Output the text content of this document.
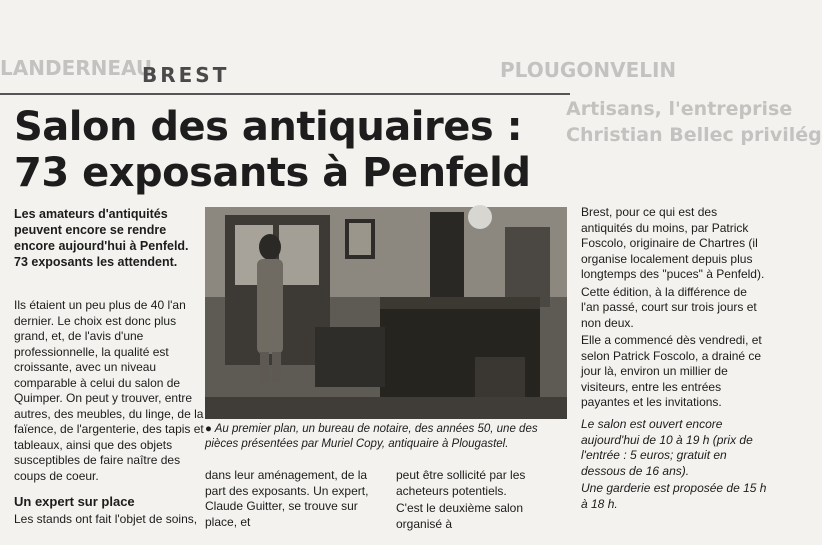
LANDERNEAU	PLOUGONVELIN
Artisans, l'entreprise
Christian Bellec privilég
BREST
Salon des antiquaires :
73 exposants à Penfeld
Les amateurs d'antiquités peuvent encore se rendre encore aujourd'hui à Penfeld. 73 exposants les attendent.

Ils étaient un peu plus de 40 l'an dernier. Le choix est donc plus grand, et, de l'avis d'une professionnelle, la qualité est croissante, avec un niveau comparable à celui du salon de Quimper. On peut y trouver, entre autres, des meubles, du linge, de la faïence, de l'argenterie, des tapis et tableaux, ainsi que des objets susceptibles de faire naître des coups de coeur.

Un expert sur place

Les stands ont fait l'objet de soins,

● Au premier plan, un bureau de notaire, des années 50, une des pièces présentées par Muriel Copy, antiquaire à Plougastel.

dans leur aménagement, de la part des exposants. Un expert, Claude Guitter, se trouve sur place, et

peut être sollicité par les acheteurs potentiels.

C'est le deuxième salon organisé à

Brest, pour ce qui est des antiquités du moins, par Patrick Foscolo, originaire de Chartres (il organise localement depuis plus longtemps des "puces" à Penfeld).

Cette édition, à la différence de l'an passé, court sur trois jours et non deux.

Elle a commencé dès vendredi, et selon Patrick Foscolo, a drainé ce jour là, environ un millier de visiteurs, entre les entrées payantes et les invitations.

Le salon est ouvert encore aujourd'hui de 10 à 19 h (prix de l'entrée : 5 euros; gratuit en dessous de 16 ans).

Une garderie est proposée de 15 h à 18 h.
